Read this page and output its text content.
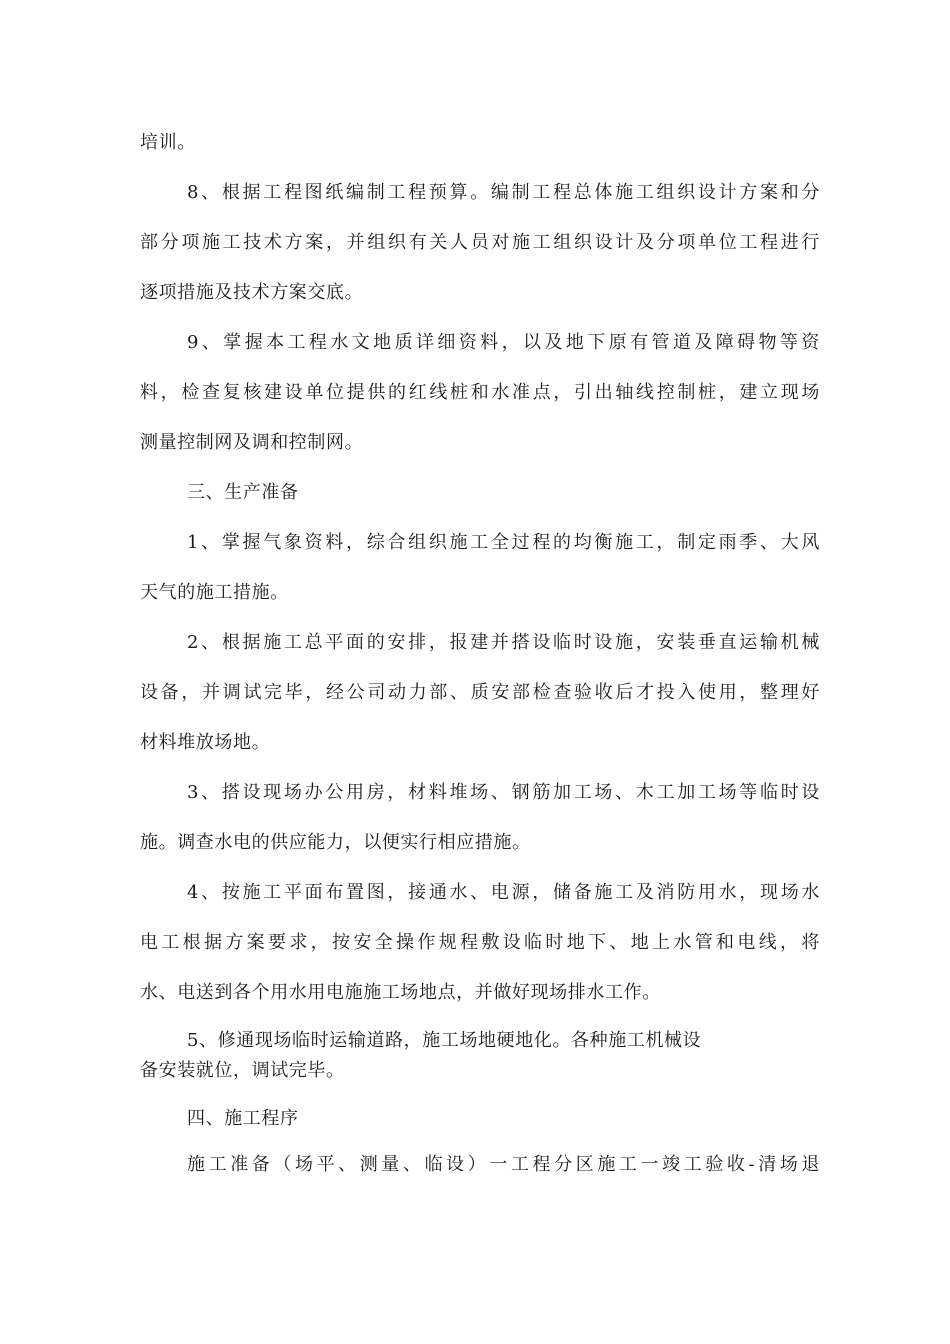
培训。
8、根据工程图纸编制工程预算。编制工程总体施工组织设计方案和分
部分项施工技术方案，并组织有关人员对施工组织设计及分项单位工程进行
逐项措施及技术方案交底。
9、掌握本工程水文地质详细资料，以及地下原有管道及障碍物等资
料，检查复核建设单位提供的红线桩和水准点，引出轴线控制桩，建立现场
测量控制网及调和控制网。
三、生产准备
1、掌握气象资料，综合组织施工全过程的均衡施工，制定雨季、大风
天气的施工措施。
2、根据施工总平面的安排，报建并搭设临时设施，安装垂直运输机械
设备，并调试完毕，经公司动力部、质安部检查验收后才投入使用，整理好
材料堆放场地。
3、搭设现场办公用房，材料堆场、钢筋加工场、木工加工场等临时设
施。调查水电的供应能力，以便实行相应措施。
4、按施工平面布置图，接通水、电源，储备施工及消防用水，现场水
电工根据方案要求，按安全操作规程敷设临时地下、地上水管和电线，将
水、电送到各个用水用电施施工场地点，并做好现场排水工作。
5、修通现场临时运输道路，施工场地硬地化。各种施工机械设
备安装就位，调试完毕。
四、施工程序
施工准备（场平、测量、临设）一工程分区施工一竣工验收-清场退
